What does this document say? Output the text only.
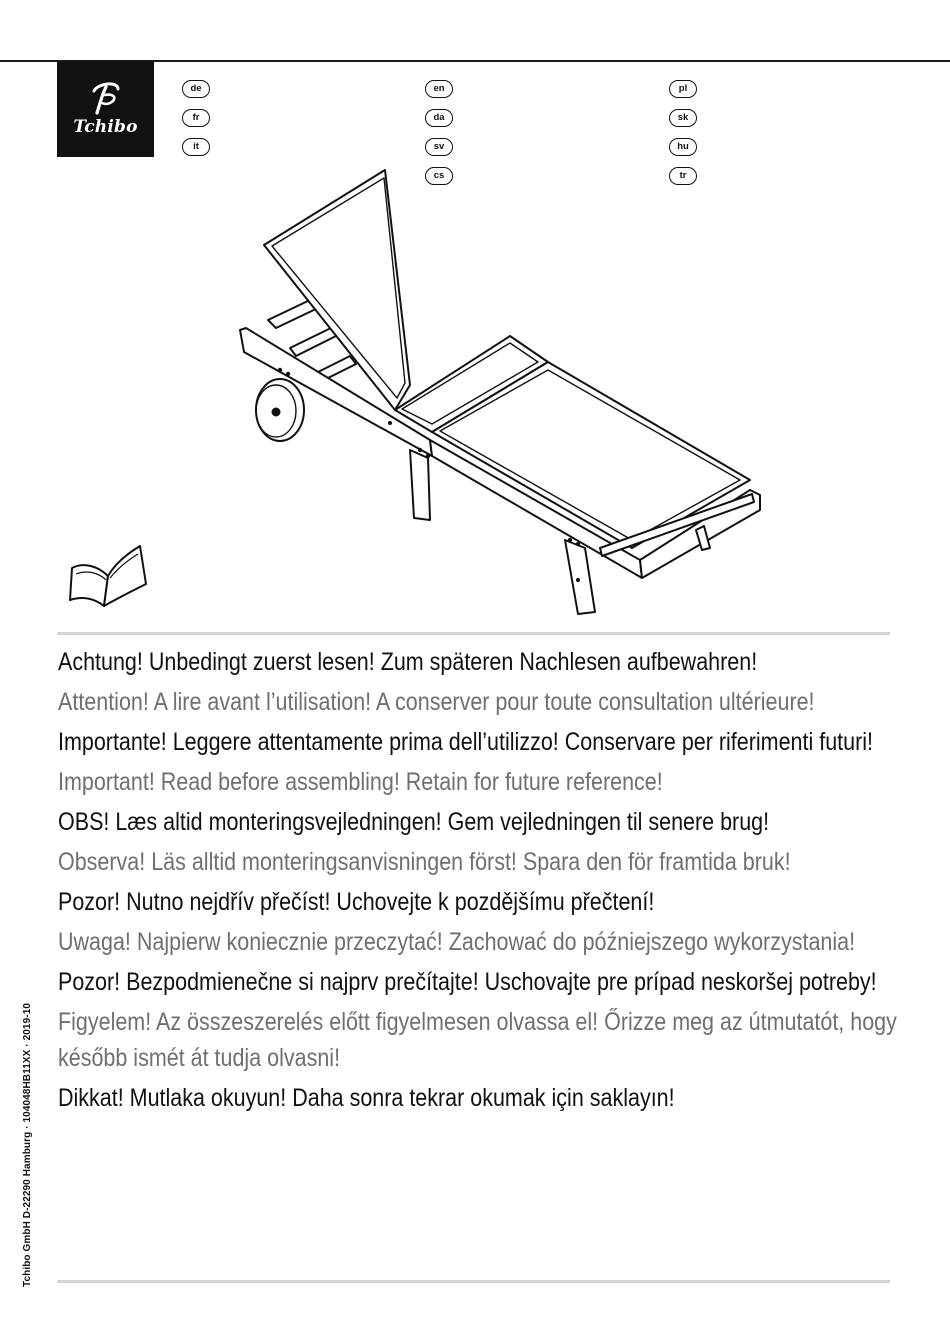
Tchibo
de
fr
it
en
da
sv
cs
pl
sk
hu
tr
Achtung! Unbedingt zuerst lesen! Zum späteren Nachlesen aufbewahren!
Attention! A lire avant l’utilisation! A conserver pour toute consultation ultérieure!
Importante! Leggere attentamente prima dell’utilizzo! Conservare per riferimenti futuri!
Important! Read before assembling! Retain for future reference!
OBS! Læs altid monteringsvejledningen! Gem vejledningen til senere brug!
Observa! Läs alltid monteringsanvisningen först! Spara den för framtida bruk!
Pozor! Nutno nejdřív přečíst! Uchovejte k pozdějšímu přečtení!
Uwaga! Najpierw koniecznie przeczytać! Zachować do późniejszego wykorzystania!
Pozor! Bezpodmienečne si najprv prečítajte! Uschovajte pre prípad neskoršej potreby!
Figyelem! Az összeszerelés előtt figyelmesen olvassa el! Őrizze meg az útmutatót, hogy később ismét át tudja olvasni!
Dikkat! Mutlaka okuyun! Daha sonra tekrar okumak için saklayın!
Tchibo GmbH D-22290 Hamburg · 104048HB11XX · 2019-10
